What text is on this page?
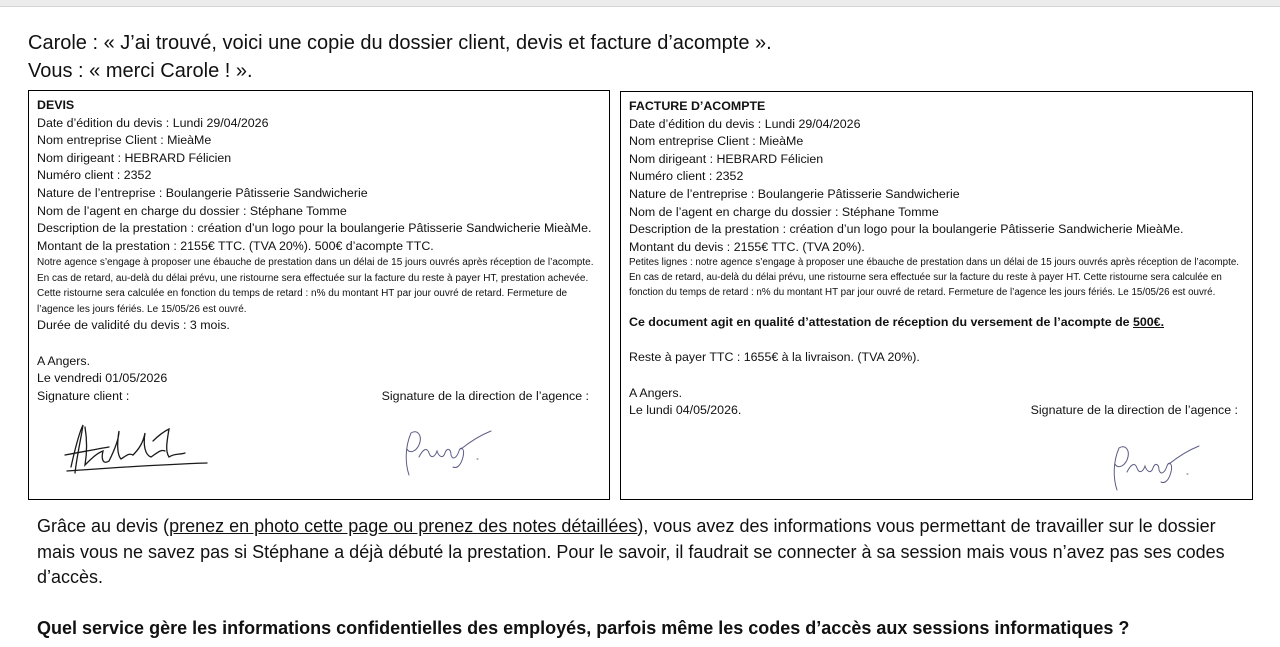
Carole : « J’ai trouvé, voici une copie du dossier client, devis et facture d’acompte ».
Vous : « merci Carole ! ».
DEVIS
Date d’édition du devis : Lundi 29/04/2026
Nom entreprise Client : MieàMe
Nom dirigeant : HEBRARD Félicien
Numéro client : 2352
Nature de l’entreprise : Boulangerie Pâtisserie Sandwicherie
Nom de l’agent en charge du dossier : Stéphane Tomme
Description de la prestation : création d’un logo pour la boulangerie Pâtisserie Sandwicherie MieàMe.
Montant de la prestation : 2155€ TTC. (TVA 20%). 500€ d’acompte TTC.
Notre agence s’engage à proposer une ébauche de prestation dans un délai de 15 jours ouvrés après réception de l’acompte. En cas de retard, au-delà du délai prévu, une ristourne sera effectuée sur la facture du reste à payer HT, prestation achevée. Cette ristourne sera calculée en fonction du temps de retard : n% du montant HT par jour ouvré de retard. Fermeture de l’agence les jours fériés. Le 15/05/26 est ouvré.
Durée de validité du devis : 3 mois.
A Angers.
Le vendredi 01/05/2026
Signature client :	Signature de la direction de l’agence :
FACTURE D’ACOMPTE
Date d’édition du devis : Lundi 29/04/2026
Nom entreprise Client : MieàMe
Nom dirigeant : HEBRARD Félicien
Numéro client : 2352
Nature de l’entreprise : Boulangerie Pâtisserie Sandwicherie
Nom de l’agent en charge du dossier : Stéphane Tomme
Description de la prestation : création d’un logo pour la boulangerie Pâtisserie Sandwicherie MieàMe.
Montant du devis : 2155€ TTC. (TVA 20%).
Petites lignes : notre agence s’engage à proposer une ébauche de prestation dans un délai de 15 jours ouvrés après réception de l’acompte. En cas de retard, au-delà du délai prévu, une ristourne sera effectuée sur la facture du reste à payer HT. Cette ristourne sera calculée en fonction du temps de retard : n% du montant HT par jour ouvré de retard. Fermeture de l’agence les jours fériés. Le 15/05/26 est ouvré.
Ce document agit en qualité d’attestation de réception du versement de l’acompte de 500€.
Reste à payer TTC : 1655€ à la livraison. (TVA 20%).
A Angers.
Le lundi 04/05/2026.	Signature de la direction de l’agence :
Grâce au devis (prenez en photo cette page ou prenez des notes détaillées), vous avez des informations vous permettant de travailler sur le dossier mais vous ne savez pas si Stéphane a déjà débuté la prestation. Pour le savoir, il faudrait se connecter à sa session mais vous n’avez pas ses codes d’accès.
Quel service gère les informations confidentielles des employés, parfois même les codes d’accès aux sessions informatiques ?
